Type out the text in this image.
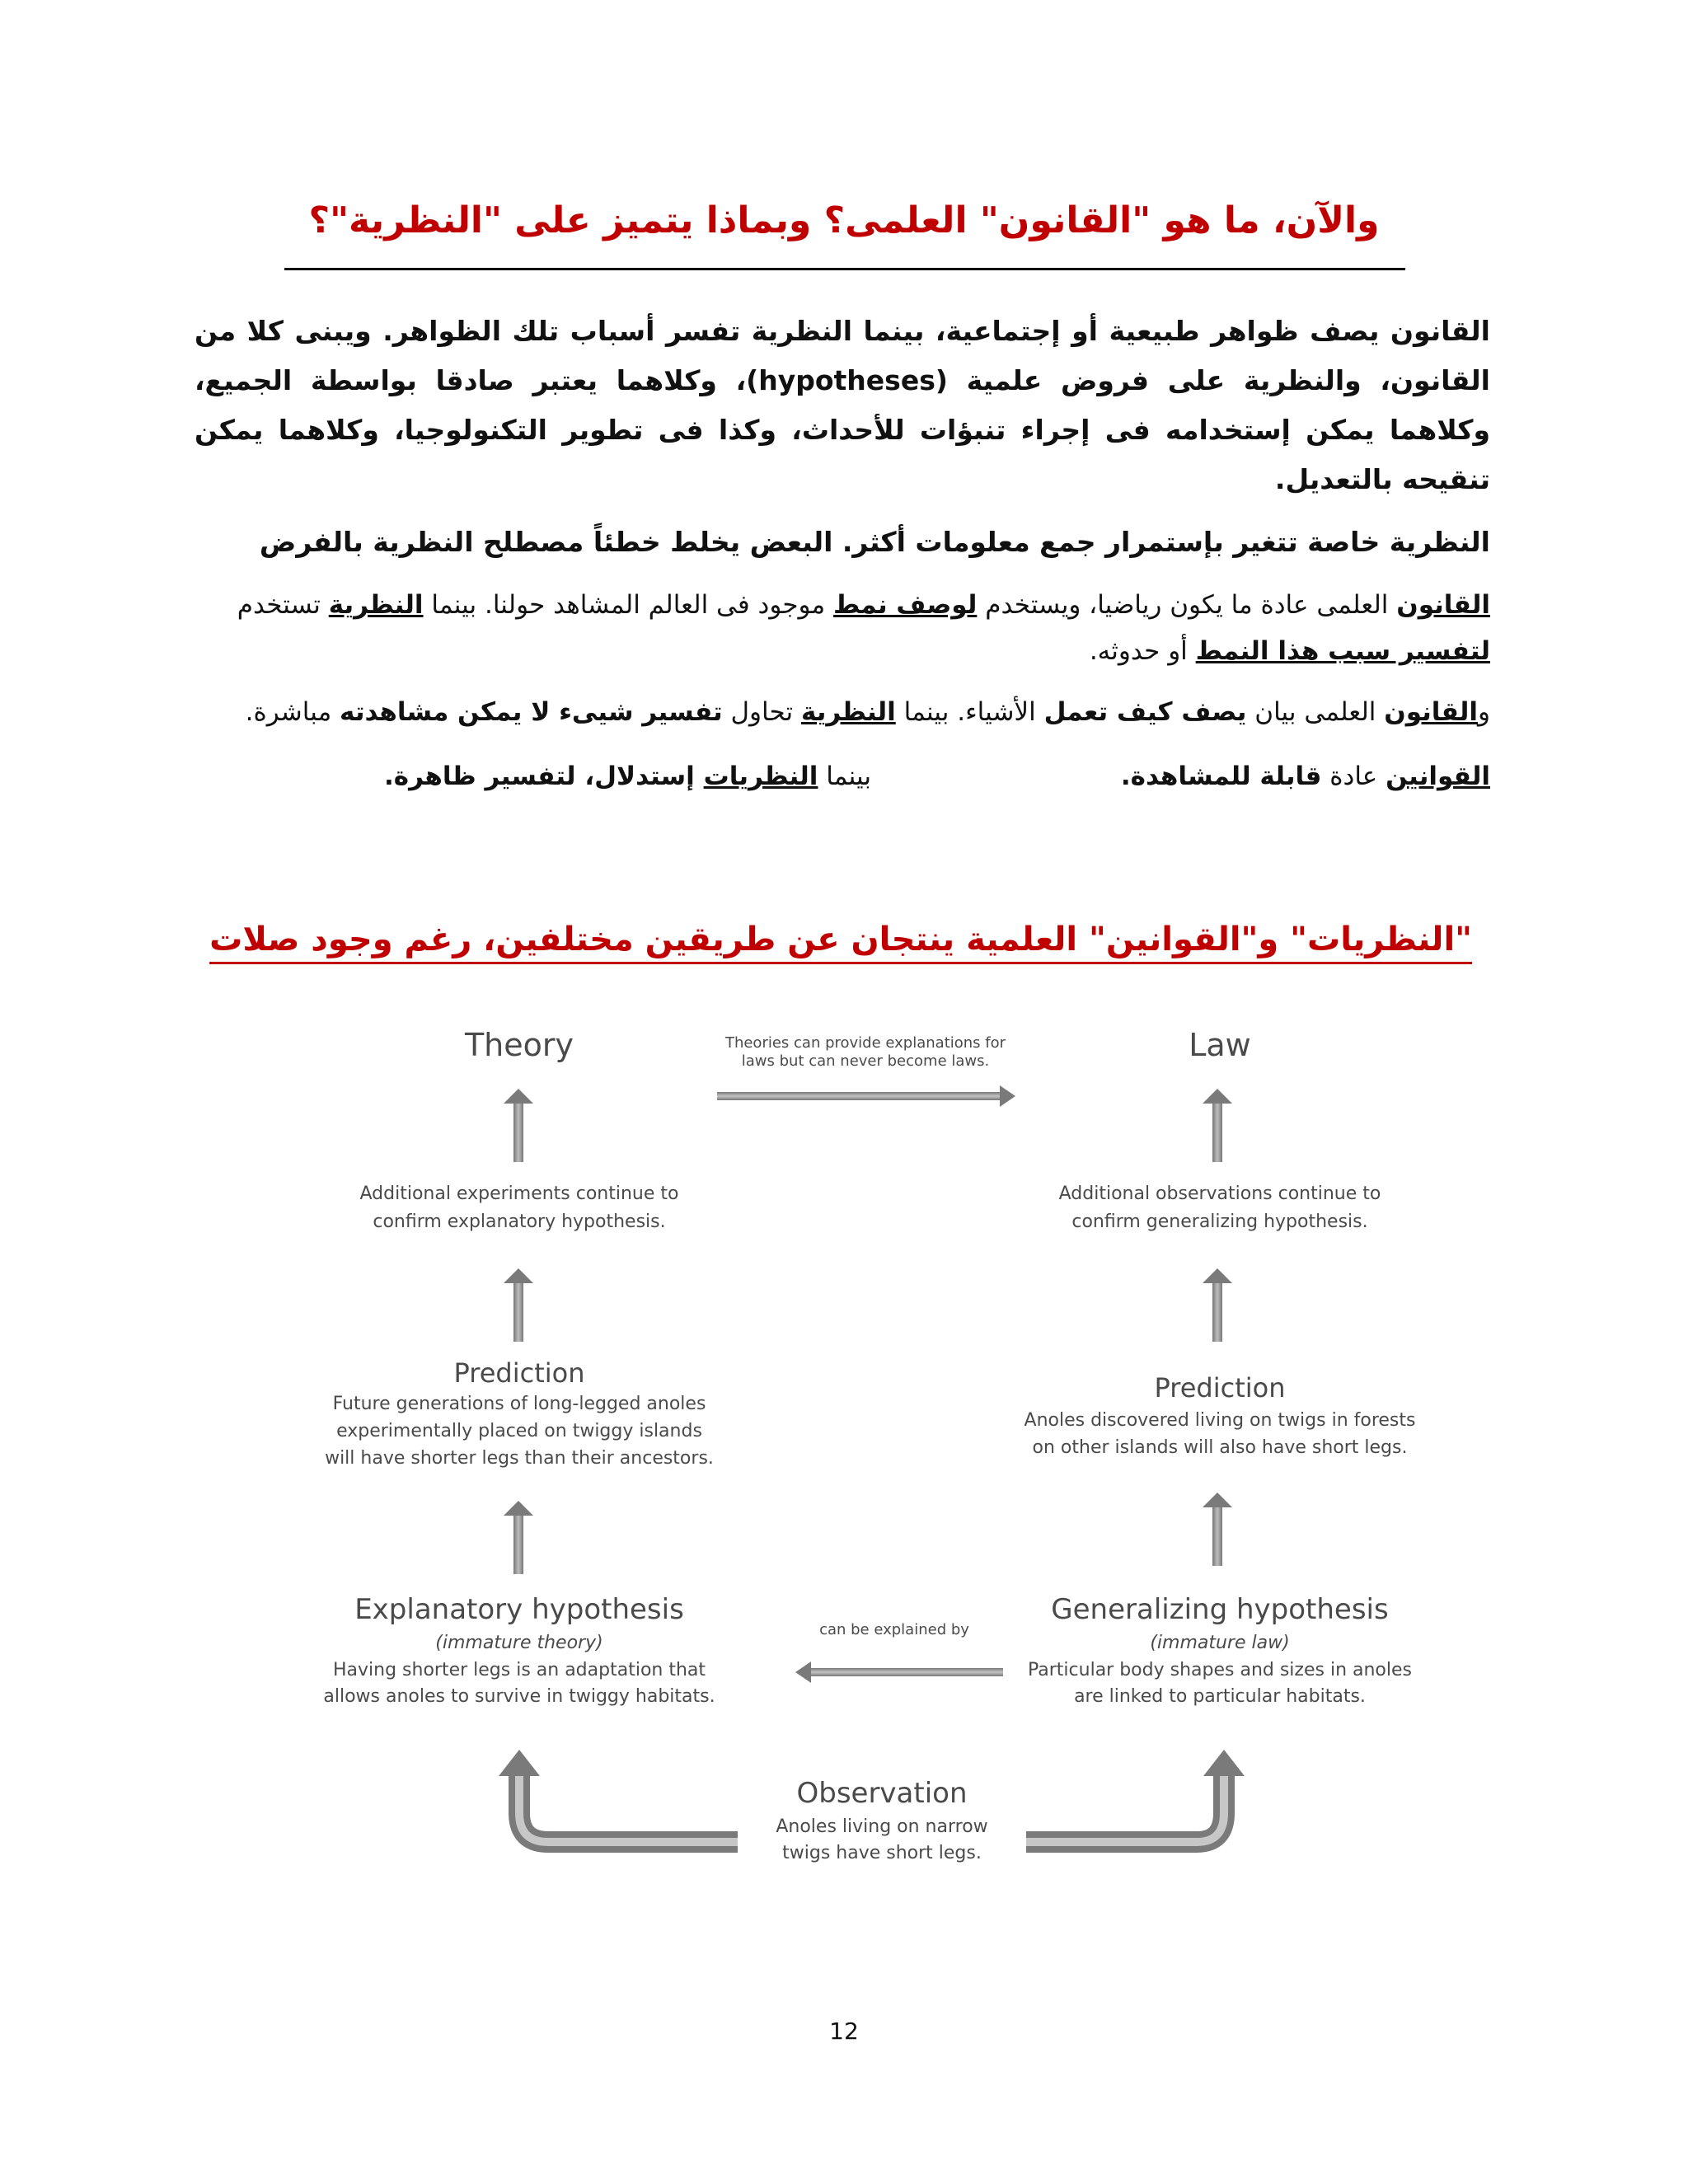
والآن، ما هو "القانون" العلمى؟ وبماذا يتميز على "النظرية"؟

القانون يصف ظواهر طبيعية أو إجتماعية، بينما النظرية تفسر أسباب تلك الظواهر. ويبنى كلا من القانون، والنظرية على فروض علمية (hypotheses)، وكلاهما يعتبر صادقا بواسطة الجميع، وكلاهما يمكن إستخدامه فى إجراء تنبؤات للأحداث، وكذا فى تطوير التكنولوجيا، وكلاهما يمكن تنقيحه بالتعديل.

النظرية خاصة تتغير بإستمرار جمع معلومات أكثر. البعض يخلط خطئاً مصطلح النظرية بالفرض

القانون العلمى عادة ما يكون رياضيا، ويستخدم لوصف نمط موجود فى العالم المشاهد حولنا. بينما النظرية تستخدم لتفسير سبب هذا النمط أو حدوثه.

والقانون العلمى بيان يصف كيف تعمل الأشياء. بينما النظرية تحاول تفسير شيىء لا يمكن مشاهدته مباشرة.

القوانين عادة قابلة للمشاهدة.
بينما النظريات إستدلال، لتفسير ظاهرة.
"النظريات" و"القوانين" العلمية ينتجان عن طريقين مختلفين، رغم وجود صلات
Theory
Additional experiments continue to
confirm explanatory hypothesis.
Prediction
Future generations of long-legged anoles
experimentally placed on twiggy islands
will have shorter legs than their ancestors.
Explanatory hypothesis
(immature theory)
Having shorter legs is an adaptation that
allows anoles to survive in twiggy habitats.
Law
Additional observations continue to
confirm generalizing hypothesis.
Prediction
Anoles discovered living on twigs in forests
on other islands will also have short legs.
Generalizing hypothesis
(immature law)
Particular body shapes and sizes in anoles
are linked to particular habitats.
Theories can provide explanations for
laws but can never become laws.
can be explained by
Observation
Anoles living on narrow
twigs have short legs.
12
